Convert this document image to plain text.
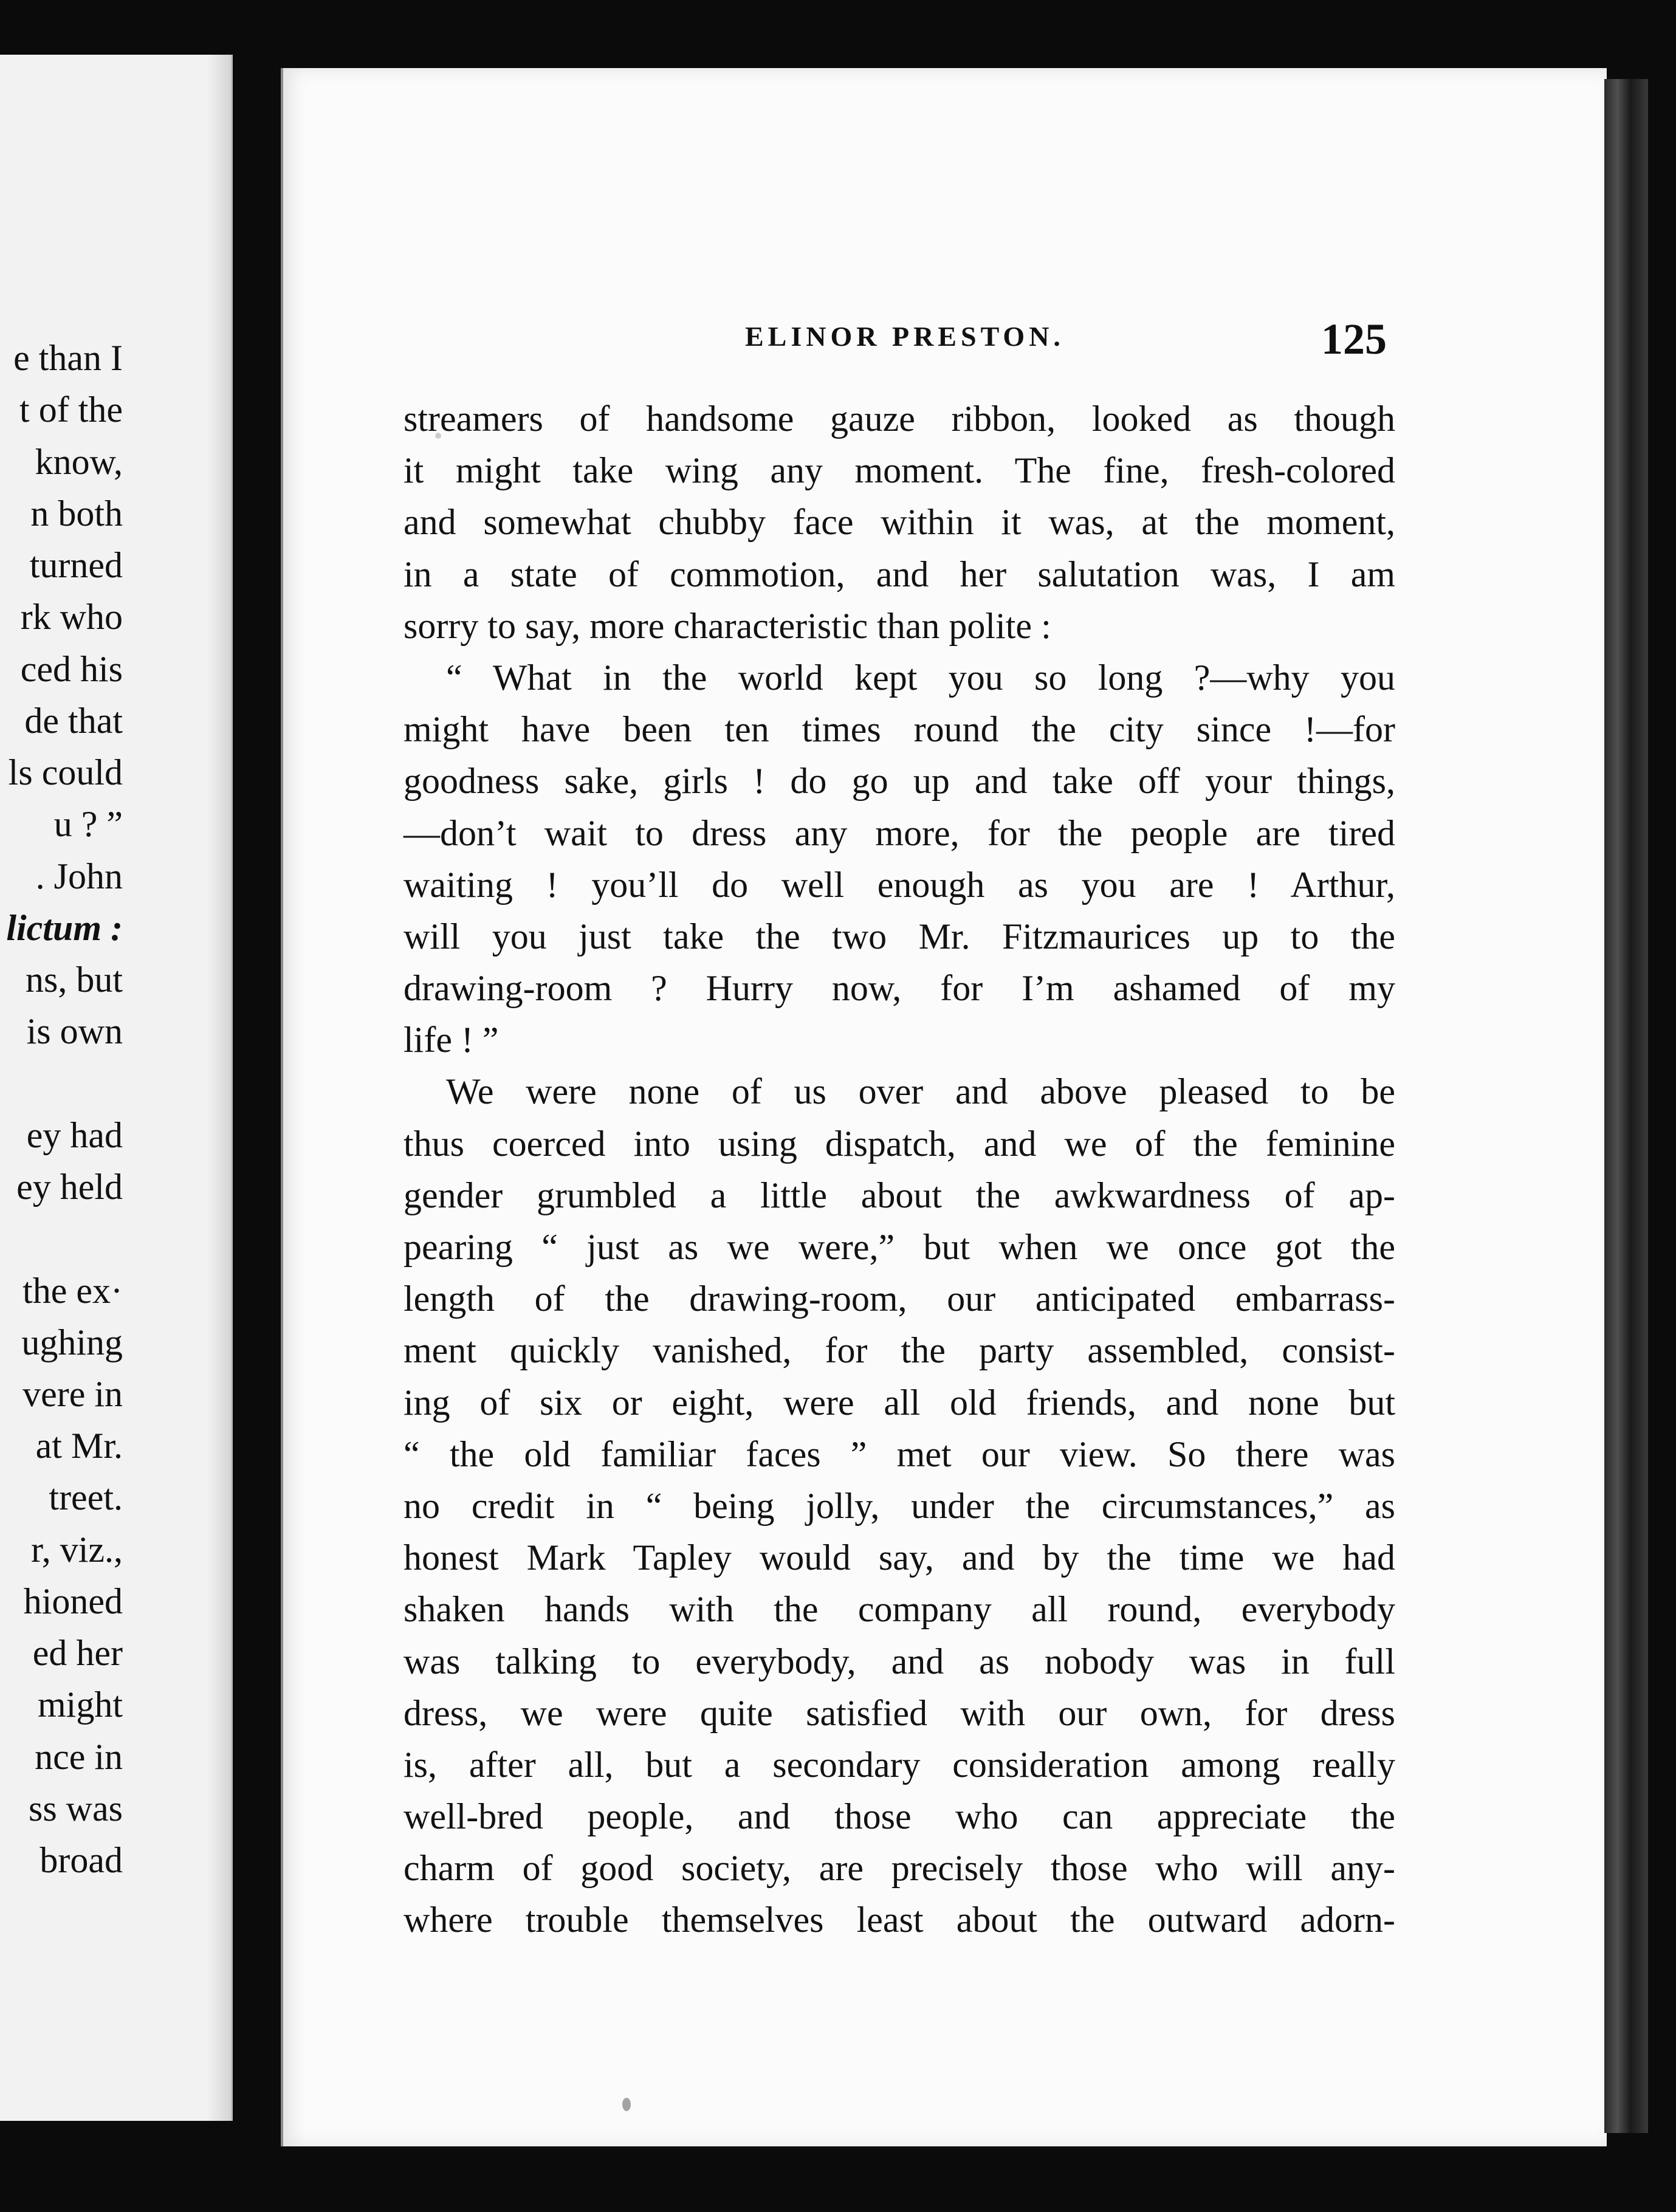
e than I
t of the
know,
n both
turned
rk who
ced his
de that
ls could
u ? ”
. John
lictum :
ns, but
is own
ey had
ey held
the ex·
ughing
vere in
at Mr.
treet.
r, viz.,
hioned
ed her
might
nce in
ss was
broad
ELINOR PRESTON.	125
streamers of handsome gauze ribbon, looked as though
it might take wing any moment. The fine, fresh-colored
and somewhat chubby face within it was, at the moment,
in a state of commotion, and her salutation was, I am
sorry to say, more characteristic than polite :
“ What in the world kept you so long ?—why you
might have been ten times round the city since !—for
goodness sake, girls ! do go up and take off your things,
—don’t wait to dress any more, for the people are tired
waiting ! you’ll do well enough as you are ! Arthur,
will you just take the two Mr. Fitzmaurices up to the
drawing-room ? Hurry now, for I’m ashamed of my
life ! ”
We were none of us over and above pleased to be
thus coerced into using dispatch, and we of the feminine
gender grumbled a little about the awkwardness of ap-
pearing “ just as we were,” but when we once got the
length of the drawing-room, our anticipated embarrass-
ment quickly vanished, for the party assembled, consist-
ing of six or eight, were all old friends, and none but
“ the old familiar faces ” met our view. So there was
no credit in “ being jolly, under the circumstances,” as
honest Mark Tapley would say, and by the time we had
shaken hands with the company all round, everybody
was talking to everybody, and as nobody was in full
dress, we were quite satisfied with our own, for dress
is, after all, but a secondary consideration among really
well-bred people, and those who can appreciate the
charm of good society, are precisely those who will any-
where trouble themselves least about the outward adorn-
